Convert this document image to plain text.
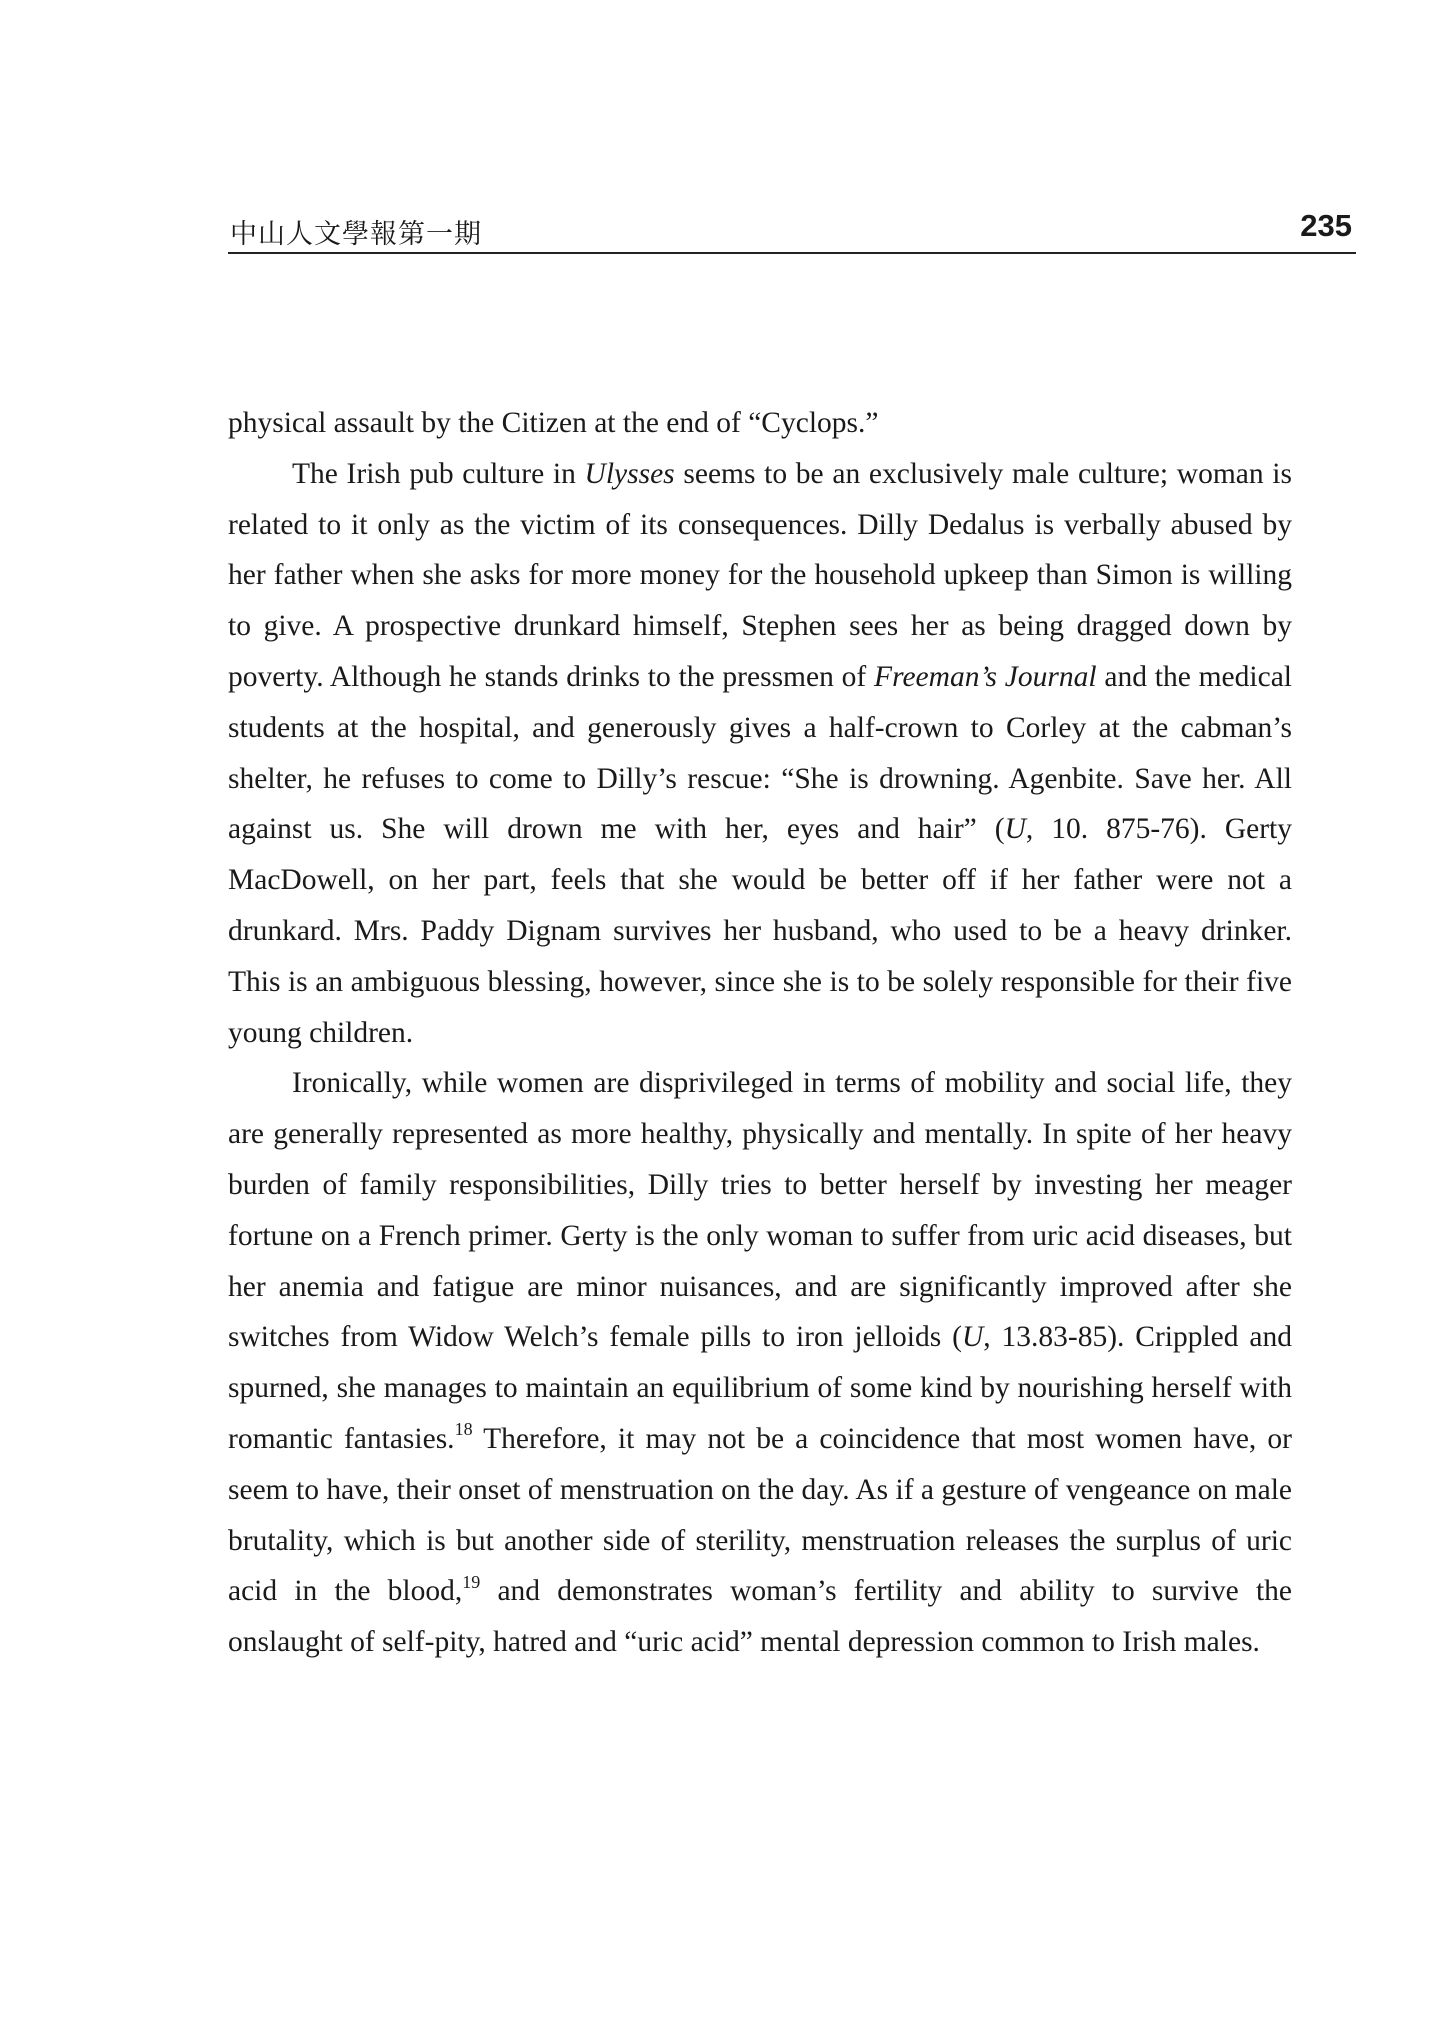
中山人文學報第一期	235

physical assault by the Citizen at the end of “Cyclops.”

The Irish pub culture in Ulysses seems to be an exclusively male culture; woman is related to it only as the victim of its consequences. Dilly Dedalus is verbally abused by her father when she asks for more money for the household upkeep than Simon is willing to give. A prospective drunkard himself, Stephen sees her as being dragged down by poverty. Although he stands drinks to the pressmen of Freeman’s Journal and the medical students at the hospital, and generously gives a half-crown to Corley at the cabman’s shelter, he refuses to come to Dilly’s rescue: “She is drowning. Agenbite. Save her. All against us. She will drown me with her, eyes and hair” (U, 10. 875-76). Gerty MacDowell, on her part, feels that she would be better off if her father were not a drunkard. Mrs. Paddy Dignam survives her husband, who used to be a heavy drinker. This is an ambiguous blessing, however, since she is to be solely responsible for their five young children.

Ironically, while women are disprivileged in terms of mobility and social life, they are generally represented as more healthy, physically and mentally. In spite of her heavy burden of family responsibilities, Dilly tries to better herself by investing her meager fortune on a French primer. Gerty is the only woman to suffer from uric acid diseases, but her anemia and fatigue are minor nuisances, and are significantly improved after she switches from Widow Welch’s female pills to iron jelloids (U, 13.83-85). Crippled and spurned, she manages to maintain an equilibrium of some kind by nourishing herself with romantic fantasies.$^{18}$ Therefore, it may not be a coincidence that most women have, or seem to have, their onset of menstruation on the day. As if a gesture of vengeance on male brutality, which is but another side of sterility, menstruation releases the surplus of uric acid in the blood,$^{19}$ and demonstrates woman’s fertility and ability to survive the onslaught of self-pity, hatred and “uric acid” mental depression common to Irish males.
